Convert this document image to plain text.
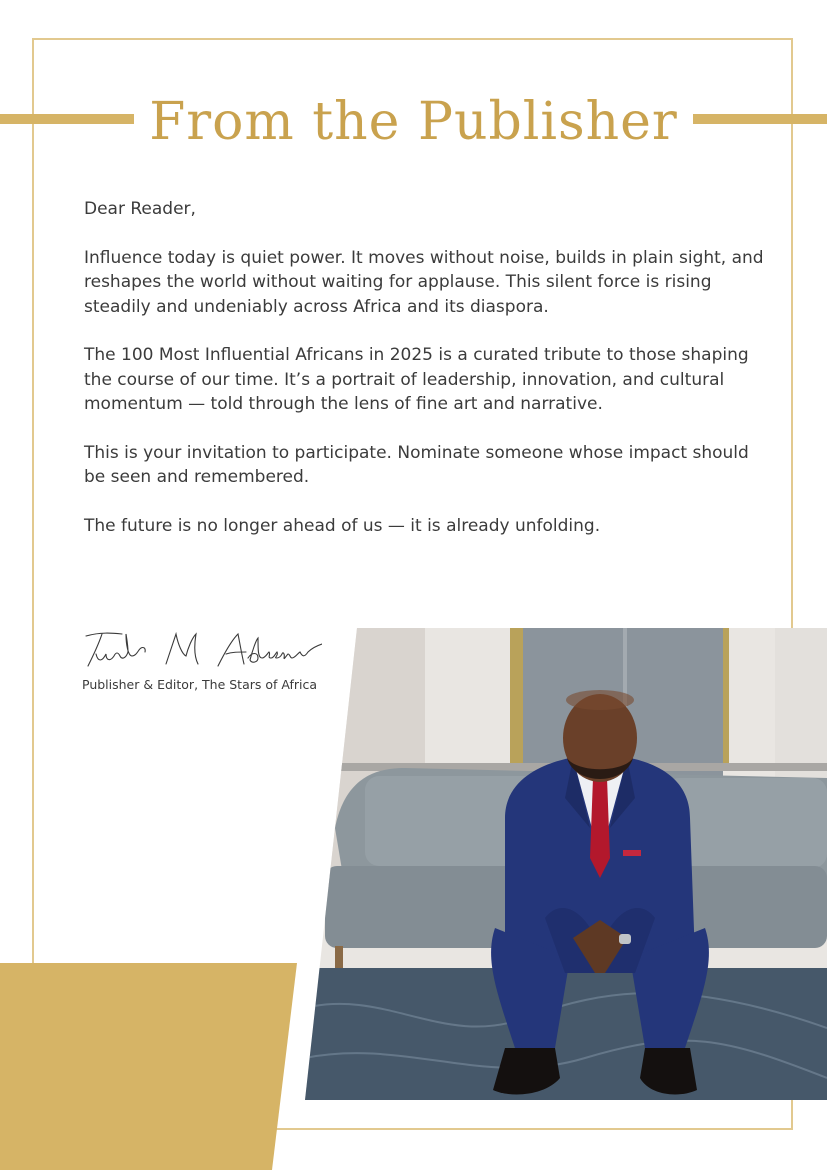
From the Publisher

Dear Reader,

Influence today is quiet power. It moves without noise, builds in plain sight, and reshapes the world without waiting for applause. This silent force is rising steadily and undeniably across Africa and its diaspora.

The 100 Most Influential Africans in 2025 is a curated tribute to those shaping the course of our time. It’s a portrait of leadership, innovation, and cultural momentum — told through the lens of fine art and narrative.

This is your invitation to participate. Nominate someone whose impact should be seen and remembered.

The future is no longer ahead of us — it is already unfolding.

Publisher & Editor, The Stars of Africa
